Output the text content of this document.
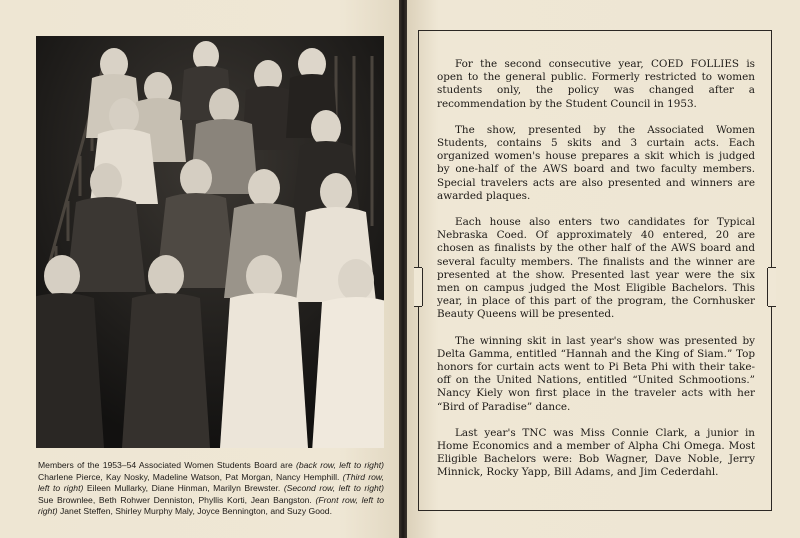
Members of the 1953–54 Associated Women Students Board are (back row, left to right) Charlene Pierce, Kay Nosky, Madeline Watson, Pat Morgan, Nancy Hemphill. (Third row, left to right) Eileen Mullarky, Diane Hinman, Marilyn Brewster. (Second row, left to right) Sue Brownlee, Beth Rohwer Denniston, Phyllis Korti, Jean Bangston. (Front row, left to right) Janet Steffen, Shirley Murphy Maly, Joyce Bennington, and Suzy Good.

For the second consecutive year, COED FOLLIES is open to the general public. Formerly restricted to women students only, the policy was changed after a recommendation by the Student Council in 1953.

The show, presented by the Associated Women Students, contains 5 skits and 3 curtain acts. Each organized women's house prepares a skit which is judged by one-half of the AWS board and two faculty members. Special travelers acts are also presented and winners are awarded plaques.

Each house also enters two candidates for Typical Nebraska Coed. Of approximately 40 entered, 20 are chosen as finalists by the other half of the AWS board and several faculty members. The finalists and the winner are presented at the show. Presented last year were the six men on campus judged the Most Eligible Bachelors. This year, in place of this part of the program, the Cornhusker Beauty Queens will be presented.

The winning skit in last year's show was presented by Delta Gamma, entitled “Hannah and the King of Siam.” Top honors for curtain acts went to Pi Beta Phi with their take-off on the United Nations, entitled “United Schmootions.” Nancy Kiely won first place in the traveler acts with her “Bird of Paradise” dance.

Last year's TNC was Miss Connie Clark, a junior in Home Economics and a member of Alpha Chi Omega. Most Eligible Bachelors were: Bob Wagner, Dave Noble, Jerry Minnick, Rocky Yapp, Bill Adams, and Jim Cederdahl.
